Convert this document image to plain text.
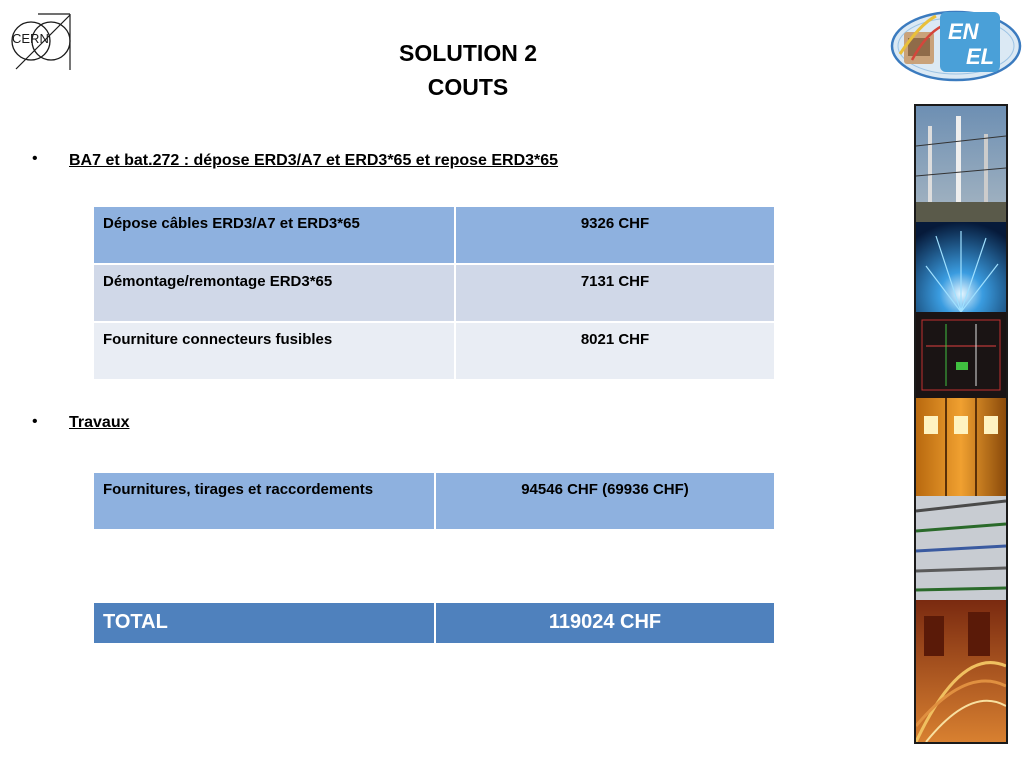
CERN
SOLUTION 2
COUTS
EN
EL
• BA7 et bat.272 : dépose ERD3/A7 et ERD3*65 et repose ERD3*65
Dépose câbles ERD3/A7 et ERD3*65	9326 CHF
Démontage/remontage ERD3*65	7131 CHF
Fourniture connecteurs fusibles	8021 CHF
• Travaux
Fournitures, tirages et raccordements	94546 CHF (69936 CHF)
TOTAL	119024 CHF
